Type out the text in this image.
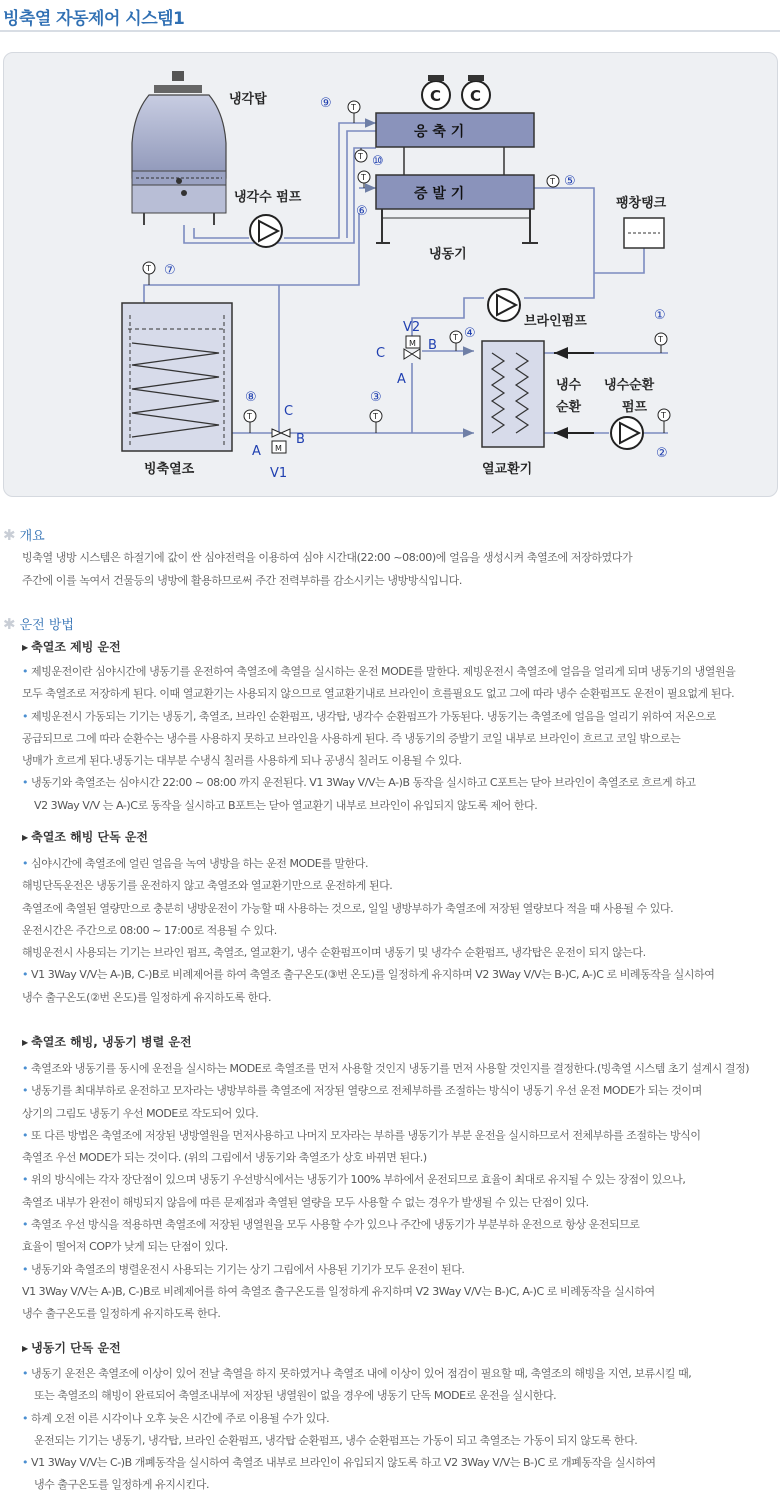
빙축열 자동제어 시스템1
냉각탑
냉각수 펌프
C C
응 축 기
증 발 기
냉동기
팽창탱크
브라인펌프
빙축열조	열교환기
냉수
순환
냉수순환
펌프
M
V1
A
B
C
M
V2
C
B
A
T
T
T	T
T
T	T
T	T
T
⑨
⑩
⑥
⑤
⑦
⑧	③
④
①
②
✱ 개요
빙축열 냉방 시스템은 하절기에 값이 싼 심야전력을 이용하여 심야 시간대(22:00 ~08:00)에 얼음을 생성시켜 축열조에 저장하였다가
주간에 이를 녹여서 건물등의 냉방에 활용하므로써 주간 전력부하를 감소시키는 냉방방식입니다.
✱ 운전 방법
▶ 축열조 제빙 운전
• 제빙운전이란 심야시간에 냉동기를 운전하여 축열조에 축열을 실시하는 운전 MODE를 말한다. 제빙운전시 축열조에 얼음을 얼리게 되며 냉동기의 냉열원을
모두 축열조로 저장하게 된다. 이때 열교환기는 사용되지 않으므로 열교환기내로 브라인이 흐를필요도 없고 그에 따라 냉수 순환펌프도 운전이 필요없게 된다.
• 제빙운전시 가동되는 기기는 냉동기, 축열조, 브라인 순환펌프, 냉각탑, 냉각수 순환펌프가 가동된다. 냉동기는 축열조에 얼음을 얼리기 위하여 저온으로
공급되므로 그에 따라 순환수는 냉수를 사용하지 못하고 브라인을 사용하게 된다. 즉 냉동기의 증발기 코일 내부로 브라인이 흐르고 코일 밖으로는
냉매가 흐르게 된다.냉동기는 대부분 수냉식 칠러를 사용하게 되나 공냉식 칠러도 이용될 수 있다.
• 냉동기와 축열조는 심야시간 22:00 ~ 08:00 까지 운전된다. V1 3Way V/V는 A-)B 동작을 실시하고 C포트는 닫아 브라인이 축열조로 흐르게 하고
V2 3Way V/V 는 A-)C로 동작을 실시하고 B포트는 닫아 열교환기 내부로 브라인이 유입되지 않도록 제어 한다.
▶ 축열조 해빙 단독 운전
• 심야시간에 축열조에 얼린 얼음을 녹여 냉방을 하는 운전 MODE를 말한다.
해빙단독운전은 냉동기를 운전하지 않고 축열조와 열교환기만으로 운전하게 된다.
축열조에 축열된 열량만으로 충분히 냉방운전이 가능할 때 사용하는 것으로, 일일 냉방부하가 축열조에 저장된 열량보다 적을 때 사용될 수 있다.
운전시간은 주간으로 08:00 ~ 17:00로 적용될 수 있다.
해빙운전시 사용되는 기기는 브라인 펌프, 축열조, 열교환기, 냉수 순환펌프이며 냉동기 및 냉각수 순환펌프, 냉각탑은 운전이 되지 않는다.
• V1 3Way V/V는 A-)B, C-)B로 비례제어를 하여 축열조 출구온도(③번 온도)를 일정하게 유지하며 V2 3Way V/V는 B-)C, A-)C 로 비례동작을 실시하여
냉수 출구온도(②번 온도)를 일정하게 유지하도록 한다.
▶ 축열조 해빙, 냉동기 병렬 운전
• 축열조와 냉동기를 동시에 운전을 실시하는 MODE로 축열조를 먼저 사용할 것인지 냉동기를 먼저 사용할 것인지를 결정한다.(빙축열 시스템 초기 설계시 결정)
• 냉동기를 최대부하로 운전하고 모자라는 냉방부하를 축열조에 저장된 열량으로 전체부하를 조절하는 방식이 냉동기 우선 운전 MODE가 되는 것이며
상기의 그림도 냉동기 우선 MODE로 작도되어 있다.
• 또 다른 방법은 축열조에 저장된 냉방열원을 먼저사용하고 나머지 모자라는 부하를 냉동기가 부분 운전을 실시하므로서 전체부하를 조절하는 방식이
축열조 우선 MODE가 되는 것이다. (위의 그림에서 냉동기와 축열조가 상호 바뀌면 된다.)
• 위의 방식에는 각자 장단점이 있으며 냉동기 우선방식에서는 냉동기가 100% 부하에서 운전되므로 효율이 최대로 유지될 수 있는 장점이 있으나,
축열조 내부가 완전이 해빙되지 않음에 따른 문제점과 축열된 열량을 모두 사용할 수 없는 경우가 발생될 수 있는 단점이 있다.
• 축열조 우선 방식을 적용하면 축열조에 저장된 냉열원을 모두 사용할 수가 있으나 주간에 냉동기가 부분부하 운전으로 항상 운전되므로
효율이 떨어져 COP가 낮게 되는 단점이 있다.
• 냉동기와 축열조의 병렬운전시 사용되는 기기는 상기 그림에서 사용된 기기가 모두 운전이 된다.
V1 3Way V/V는 A-)B, C-)B로 비례제어를 하여 축열조 출구온도를 일정하게 유지하며 V2 3Way V/V는 B-)C, A-)C 로 비례동작을 실시하여
냉수 출구온도를 일정하게 유지하도록 한다.
▶ 냉동기 단독 운전
• 냉동기 운전은 축열조에 이상이 있어 전날 축열을 하지 못하였거나 축열조 내에 이상이 있어 점검이 필요할 때, 축열조의 해빙을 지연, 보류시킬 때,
또는 축열조의 해빙이 완료되어 축열조내부에 저장된 냉열원이 없을 경우에 냉동기 단독 MODE로 운전을 실시한다.
• 하계 오전 이른 시각이나 오후 늦은 시간에 주로 이용될 수가 있다.
운전되는 기기는 냉동기, 냉각탑, 브라인 순환펌프, 냉각탑 순환펌프, 냉수 순환펌프는 가동이 되고 축열조는 가동이 되지 않도록 한다.
• V1 3Way V/V는 C-)B 개폐동작을 실시하여 축열조 내부로 브라인이 유입되지 않도록 하고 V2 3Way V/V는 B-)C 로 개폐동작을 실시하여
냉수 출구온도를 일정하게 유지시킨다.
